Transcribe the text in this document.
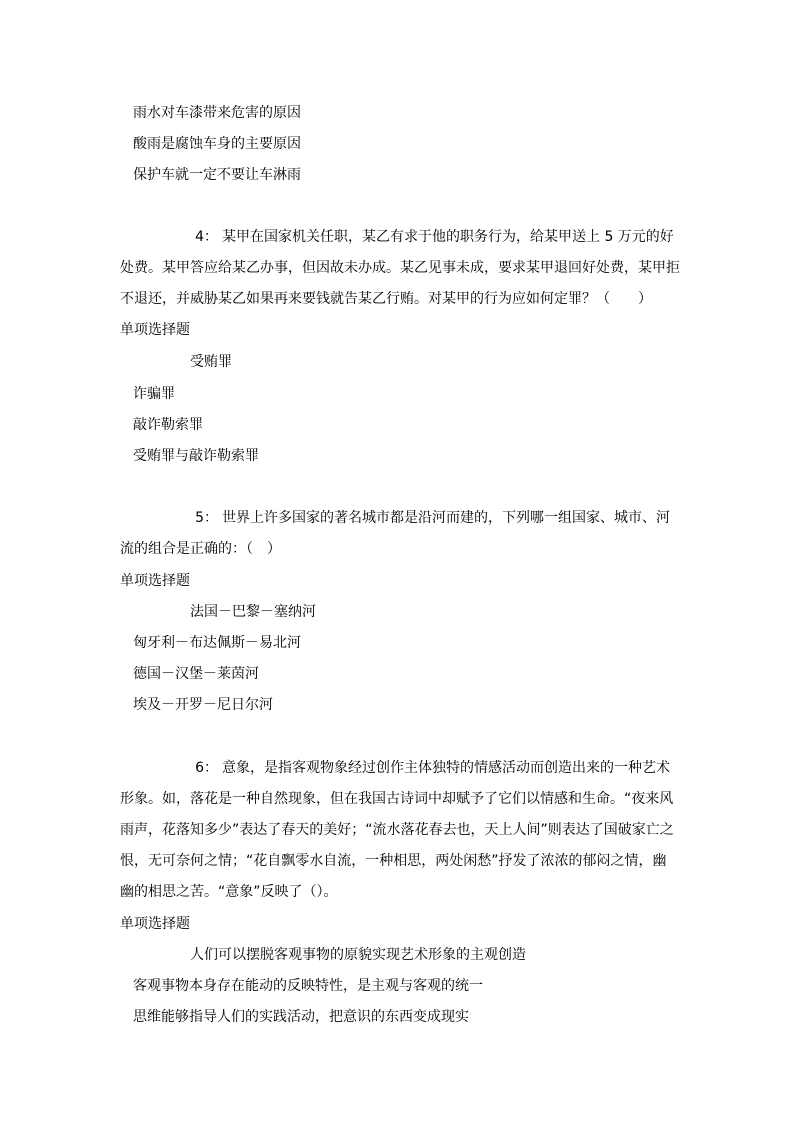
雨水对车漆带来危害的原因
酸雨是腐蚀车身的主要原因
保护车就一定不要让车淋雨
4： 某甲在国家机关任职，某乙有求于他的职务行为，给某甲送上 5 万元的好处费。某甲答应给某乙办事，但因故未办成。某乙见事未成，要求某甲退回好处费，某甲拒不退还，并威胁某乙如果再来要钱就告某乙行贿。对某甲的行为应如何定罪？（　　）
单项选择题
受贿罪
诈骗罪
敲诈勒索罪
受贿罪与敲诈勒索罪
5： 世界上许多国家的著名城市都是沿河而建的，下列哪一组国家、城市、河流的组合是正确的：（　）
单项选择题
法国－巴黎－塞纳河
匈牙利－布达佩斯－易北河
德国－汉堡－莱茵河
埃及－开罗－尼日尔河
6： 意象，是指客观物象经过创作主体独特的情感活动而创造出来的一种艺术形象。如，落花是一种自然现象，但在我国古诗词中却赋予了它们以情感和生命。“夜来风雨声，花落知多少”表达了春天的美好；“流水落花春去也，天上人间”则表达了国破家亡之恨，无可奈何之情；“花自飘零水自流，一种相思，两处闲愁”抒发了浓浓的郁闷之情，幽幽的相思之苦。“意象”反映了（）。
单项选择题
人们可以摆脱客观事物的原貌实现艺术形象的主观创造
客观事物本身存在能动的反映特性，是主观与客观的统一
思维能够指导人们的实践活动，把意识的东西变成现实
